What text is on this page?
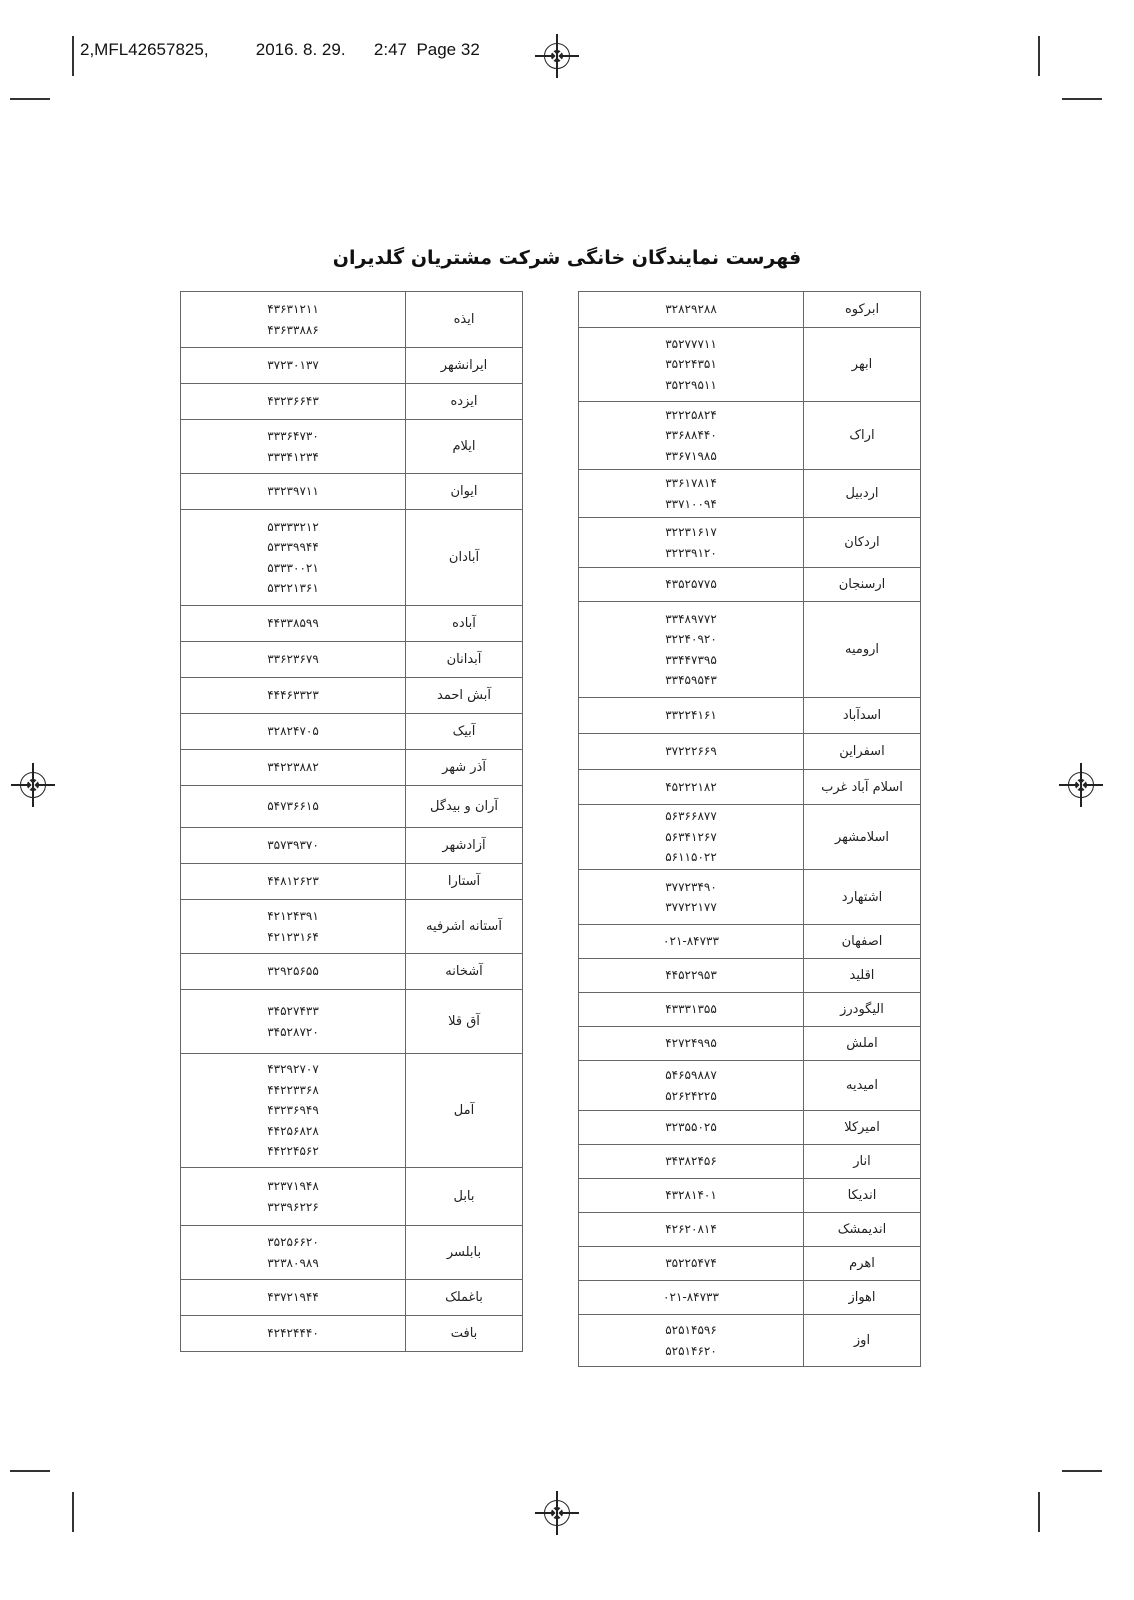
2,MFL42657825,          2016. 8. 29.      2:47  Page 32
فهرست نمایندگان خانگی شرکت مشتریان گلدیران
۴۳۶۳۱۲۱۱
۴۳۶۳۳۸۸۶	ایذه

۳۷۲۳۰۱۳۷	ایرانشهر

۴۳۲۳۶۶۴۳	ایزده

۳۳۳۶۴۷۳۰
۳۳۳۴۱۲۳۴	ایلام

۳۳۲۳۹۷۱۱	ایوان

۵۳۳۳۳۲۱۲
۵۳۳۳۹۹۴۴
۵۳۳۳۰۰۲۱
۵۳۲۲۱۳۶۱	آبادان

۴۴۳۳۸۵۹۹	آباده

۳۳۶۲۳۶۷۹	آبدانان

۴۴۴۶۳۳۲۳	آبش احمد

۳۲۸۲۴۷۰۵	آبیک

۳۴۲۲۳۸۸۲	آذر شهر

۵۴۷۳۶۶۱۵	آران و بیدگل

۳۵۷۳۹۳۷۰	آزادشهر

۴۴۸۱۲۶۲۳	آستارا

۴۲۱۲۴۳۹۱
۴۲۱۲۳۱۶۴	آستانه اشرفیه

۳۲۹۲۵۶۵۵	آشخانه

۳۴۵۲۷۴۳۳
۳۴۵۲۸۷۲۰	آق قلا

۴۳۲۹۲۷۰۷
۴۴۲۲۳۳۶۸
۴۳۲۳۶۹۴۹
۴۴۲۵۶۸۲۸
۴۴۲۲۴۵۶۲	آمل

۳۲۳۷۱۹۴۸
۳۲۳۹۶۲۲۶	بابل

۳۵۲۵۶۶۲۰
۳۲۳۸۰۹۸۹	بابلسر

۴۳۷۲۱۹۴۴	باغملک

۴۲۴۲۴۴۴۰	بافت
۳۲۸۲۹۲۸۸	ابرکوه

۳۵۲۷۷۷۱۱
۳۵۲۲۴۳۵۱
۳۵۲۲۹۵۱۱	ابهر

۳۲۲۲۵۸۲۴
۳۳۶۸۸۴۴۰
۳۳۶۷۱۹۸۵	اراک

۳۳۶۱۷۸۱۴
۳۳۷۱۰۰۹۴	اردبیل

۳۲۲۳۱۶۱۷
۳۲۲۳۹۱۲۰	اردکان

۴۳۵۲۵۷۷۵	ارسنجان

۳۳۴۸۹۷۷۲
۳۲۲۴۰۹۲۰
۳۳۴۴۷۳۹۵
۳۳۴۵۹۵۴۳	ارومیه

۳۳۲۲۴۱۶۱	اسدآباد

۳۷۲۲۲۶۶۹	اسفراین

۴۵۲۲۲۱۸۲	اسلام آباد غرب

۵۶۳۶۶۸۷۷
۵۶۳۴۱۲۶۷
۵۶۱۱۵۰۲۲	اسلامشهر

۳۷۷۲۳۴۹۰
۳۷۷۲۲۱۷۷	اشتهارد

۰۲۱-۸۴۷۳۳	اصفهان

۴۴۵۲۲۹۵۳	اقلید

۴۳۳۳۱۳۵۵	الیگودرز

۴۲۷۲۴۹۹۵	املش

۵۴۶۵۹۸۸۷
۵۲۶۲۴۲۲۵	امیدیه

۳۲۳۵۵۰۲۵	امیرکلا

۳۴۳۸۲۴۵۶	انار

۴۳۲۸۱۴۰۱	اندیکا

۴۲۶۲۰۸۱۴	اندیمشک

۳۵۲۲۵۴۷۴	اهرم

۰۲۱-۸۴۷۳۳	اهواز

۵۲۵۱۴۵۹۶
۵۲۵۱۴۶۲۰	اوز
